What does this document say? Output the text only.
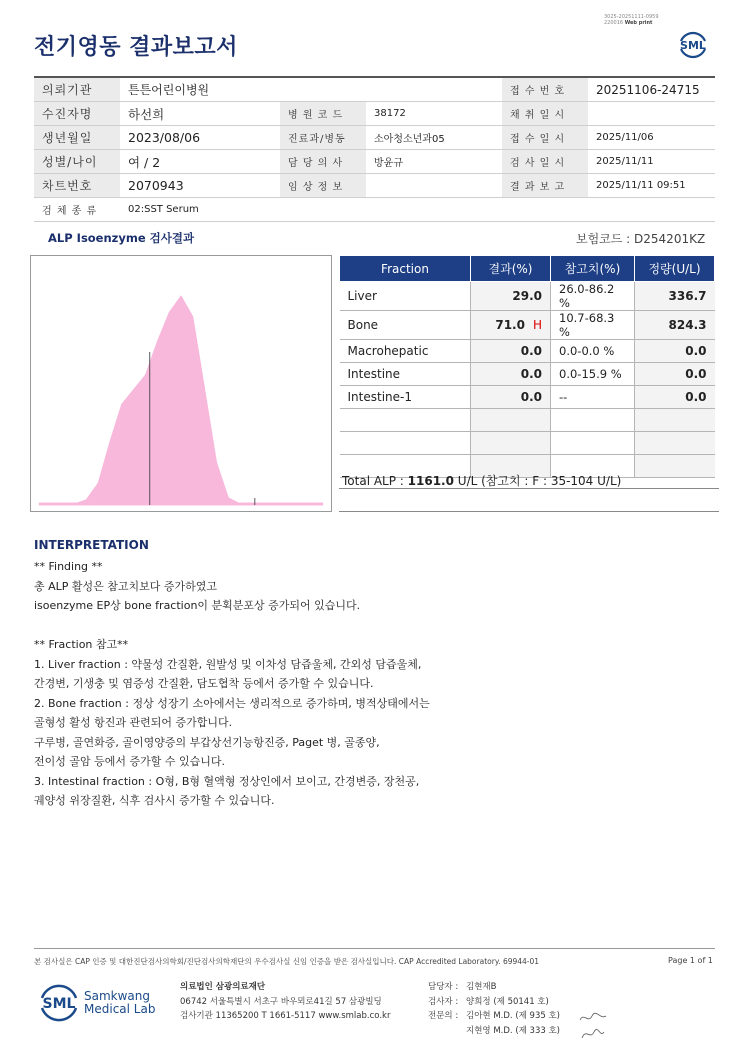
전기영동 결과보고서
3025-20251111-0959
220016 Web print
SML
의뢰기관	튼튼어린이병원			접 수 번 호	20251106-24715
수진자명	하선희	병 원 코 드	38172	채 취 일 시	
생년월일	2023/08/06	진료과/병동	소아청소년과05	접 수 일 시	2025/11/06
성별/나이	여 / 2	담 당 의 사	방윤규	검 사 일 시	2025/11/11
차트번호	2070943	임 상 정 보		결 과 보 고	2025/11/11 09:51
검 체 종 류	02:SST Serum				
ALP Isoenzyme 검사결과	보험코드 : D254201KZ
Fraction	결과(%)	참고치(%)	정량(U/L)
Liver	29.0	26.0-86.2 %	336.7
Bone	71.0 H	10.7-68.3 %	824.3
Macrohepatic	0.0	0.0-0.0 %	0.0
Intestine	0.0	0.0-15.9 %	0.0
Intestine-1	0.0	--	0.0

Total ALP : 1161.0 U/L (참고치 : F : 35-104 U/L)
INTERPRETATION
** Finding **
총 ALP 활성은 참고치보다 증가하였고
isoenzyme EP상 bone fraction이 분획분포상 증가되어 있습니다.
** Fraction 참고**
1. Liver fraction : 약물성 간질환, 원발성 및 이차성 담즙울체, 간외성 담즙울체,
간경변, 기생충 및 염증성 간질환, 담도협착 등에서 증가할 수 있습니다.
2. Bone fraction : 정상 성장기 소아에서는 생리적으로 증가하며, 병적상태에서는
골형성 활성 항진과 관련되어 증가합니다.
구루병, 골연화증, 골이영양증의 부갑상선기능항진증, Paget 병, 골종양,
전이성 골암 등에서 증가할 수 있습니다.
3. Intestinal fraction : O형, B형 혈액형 정상인에서 보이고, 간경변증, 장천공,
궤양성 위장질환, 식후 검사시 증가할 수 있습니다.
본 검사실은 CAP 인증 및 대한진단검사의학회/진단검사의학재단의 우수검사실 신임 인증을 받은 검사실입니다. CAP Accredited Laboratory. 69944-01	Page 1 of 1
SML Samkwang
Medical Lab
의료법인 삼광의료재단
06742 서울특별시 서초구 바우뫼로41길 57 삼광빌딩
검사기관 11365200 T 1661-5117 www.smlab.co.kr
담당자 : 김현재B
검사자 : 양희정 (제 50141 호)
전문의 : 김아현 M.D. (제 935 호)
지현영 M.D. (제 333 호)
